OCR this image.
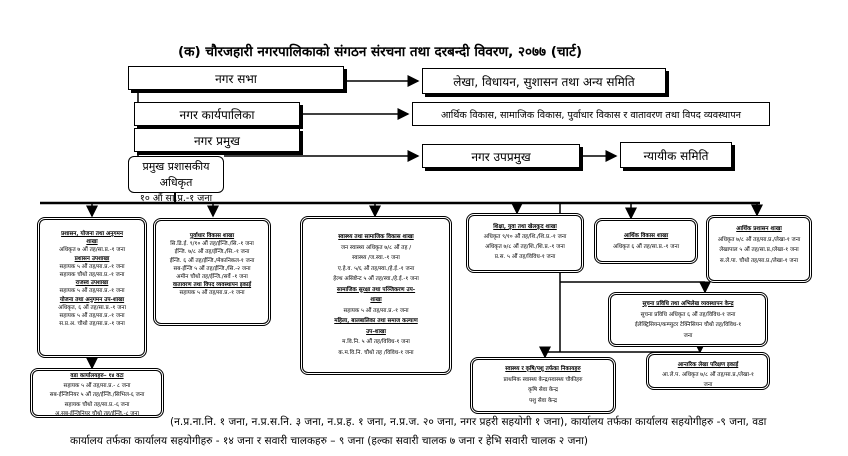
(क) चौरजहारी नगरपालिकाको संगठन संरचना तथा दरबन्दी विवरण, २०७७ (चार्ट)
नगर सभा	लेखा, विधायन, सुशासन तथा अन्य समिति
नगर कार्यपालिका	आर्थिक विकास, सामाजिक विकास, पुर्वाधार विकास र वातावरण तथा विपद व्यवस्थापन
नगर प्रमुख
नगर उपप्रमुख	न्यायीक समिति
प्रमुख प्रशासकीय अधिकृत
१० औं सा.प्र.-१ जना
प्रशासन, योजना तथा अनुगमन
शाखा
अधिकृत ७ औं तह/सा.प्र.-१ जना
प्रशासन उपशाखा
सहायक ५ औं तह/सा.प्र.-१ जना
सहायक चौथो तह/सा.प्र.-१ जना
राजस्व उपशाखा
सहायक ५ औं तह/सा.प्र.-१ जना
योजना तथा अनुगमन उप-शाखा
अधिकृत, ६ औं तह/सा.प्र.-१ जना
सहायक ५ औं तह/सा.प्र.-१ जना
स.प्र.अ. चौथो तह/सा.प्र.-१ जना
पुर्वाधार विकास शाखा
सि.डि.ई. ९/१० औं तह/ईन्जि./सि.-१ जना
ईन्जि. ७/८ औं तह/ईन्जि./सि.-१ जना
ईन्जि. ६ औं तह/ईन्जि./मेकानिकल-१ जना
सब-ईन्जि ५ औं तह/ईन्जि./सि.-२ जना
अमीन चौथो तह/ईन्जि./सर्वे -१ जना
वातावरण तथा विपद व्यवस्थापन इकाई
सहायक ५ औं तह/सा.प्र.-१ जना
स्वास्थ्य तथा सामाजिक विकास शाखा
जन स्वास्थ्य अधिकृत ७/८ औं तह /
स्वास्थ्य /ज.स्वा.-१ जना
ए.हे.व. ५/६ औं तह/स्वा./हे.ई.-१ जना
हेल्थ असिष्टेन्ट ५ औं तह/स्वा./हे.ई.-१ जना
सामाजिक सुरक्षा तथा पञ्जिकरण उप-
शाखा
सहायक ५ औं तह/सा.प्र.-१ जना
महिला, बालबालिका तथा समाज कल्याण
उप-शाखा
म.वि.नि. ५ औं तह/विविध-१ जना
क.म.वि.नि. चौथो तह /विविध-१ जना
शिक्षा, युवा तथा खेलकुद शाखा
अधिकृत ९/१० औं तह/शि./शि.प्र.-१ जना
अधिकृत ७/८ औं तह/शि./शि.प्र.-१ जना
प्र.स. ५ औं तह/विविध-१ जना
आर्थिक विकास शाखा
अधिकृत ६ औं तह/सा.प्र.-१ जना
आर्थिक प्रशासन शाखा
अधिकृत ७/८ औं तह/सा.प्र./लेखा-१ जना
लेखापाल ५ औं तह/सा.प्र./लेखा-१ जना
स.ले.पा. चौथो तह/सा.प्र./लेखा-१ जना
सूचना प्रविधि तथा अभिलेख व्यवस्थापन केन्द्र
सूचना प्रविधि अधिकृत ६ औं तह/विविध-१ जना
ईलेक्ट्रिसियन/कम्प्युटर टेक्निसियन चौथो तह/विविध-१
जना
स्वास्थ्य र कृषि/पशु तर्फका निकायहरु
प्राथमिक स्वास्थ्य केन्द्र/स्वास्थ्य चौकीहरु
कृषि सेवा केन्द्र
पशु सेवा केन्द्र
आन्तरिक लेखा परिक्षण इकाई
आ.ले.प. अधिकृत ७/८ औं तह/सा.प्र./लेखा-१
जना
वडा कार्यालयहरु– १४ वटा
सहायक ५ औं तह/सा.प्र.- ८ जना
सब-ईन्जिनियर ५ औं तह/ईन्जि./सिभिल-६ जना
सहायक चौथो तह/सा.प्र.-६ जना
अ.सब-ईन्जिनियर चौथो तह/ईन्जि.-८ जना
(न.प्र.ना.नि. १ जना, न.प्र.स.नि. ३ जना, न.प्र.ह. १ जना, न.प्र.ज. २० जना, नगर प्रहरी सहयोगी १ जना), कार्यालय तर्फका कार्यालय सहयोगीहरु -९ जना, वडा
कार्यालय तर्फका कार्यालय सहयोगीहरु - १४ जना र सवारी चालकहरु – ९ जना (हल्का सवारी चालक ७ जना र हेभि सवारी चालक २ जना)
